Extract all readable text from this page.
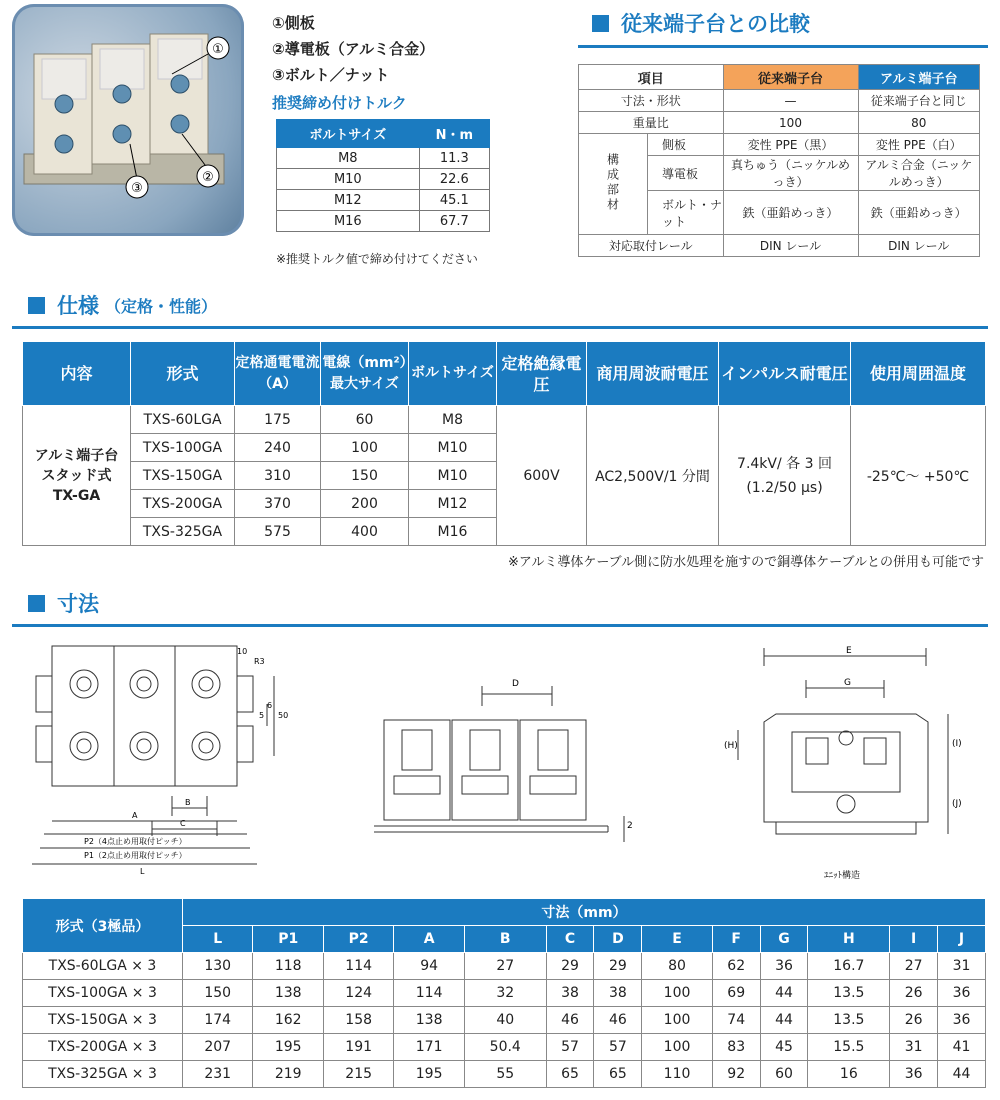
①
②
③
①側板
②導電板（アルミ合金）
③ボルト／ナット
推奨締め付けトルク
ボルトサイズ	N・m
M8	11.3
M10	22.6
M12	45.1
M16	67.7
※推奨トルク値で締め付けてください
従来端子台との比較
項目		従来端子台	アルミ端子台
寸法・形状		—	従来端子台と同じ
重量比		100	80
構成部材	側板	変性 PPE（黒）	変性 PPE（白）
	導電板	真ちゅう（ニッケルめっき）	アルミ合金（ニッケルめっき）
	ボルト・ナット	鉄（亜鉛めっき）	鉄（亜鉛めっき）
対応取付レール		DIN レール	DIN レール
仕様 （定格・性能）
内容	形式	定格通電電流（A）	電線（mm²）最大サイズ	ボルトサイズ	定格絶縁電圧	商用周波耐電圧	インパルス耐電圧	使用周囲温度
アルミ端子台 スタッド式 TX-GA	TXS-60LGA	175	60	M8	600V	AC2,500V/1 分間	7.4kV/ 各 3 回 (1.2/50 μs)	-25℃～ +50℃
	TXS-100GA	240	100	M10				
	TXS-150GA	310	150	M10				
	TXS-200GA	370	200	M12				
	TXS-325GA	575	400	M16				
※アルミ導体ケーブル側に防水処理を施すので銅導体ケーブルとの併用も可能です
寸法
10
R3
5
6
50
B
C
A
P2（4点止め用取付ピッチ）
P1（2点止め用取付ピッチ）
L
D
2
E
G
(H)	(I)
(J)
ﾕﾆｯﾄ構造
形式（3極品）	寸法（mm）												
	L	P1	P2	A	B	C	D	E	F	G	H	I	J
TXS-60LGA × 3	130	118	114	94	27	29	29	80	62	36	16.7	27	31
TXS-100GA × 3	150	138	124	114	32	38	38	100	69	44	13.5	26	36
TXS-150GA × 3	174	162	158	138	40	46	46	100	74	44	13.5	26	36
TXS-200GA × 3	207	195	191	171	50.4	57	57	100	83	45	15.5	31	41
TXS-325GA × 3	231	219	215	195	55	65	65	110	92	60	16	36	44
